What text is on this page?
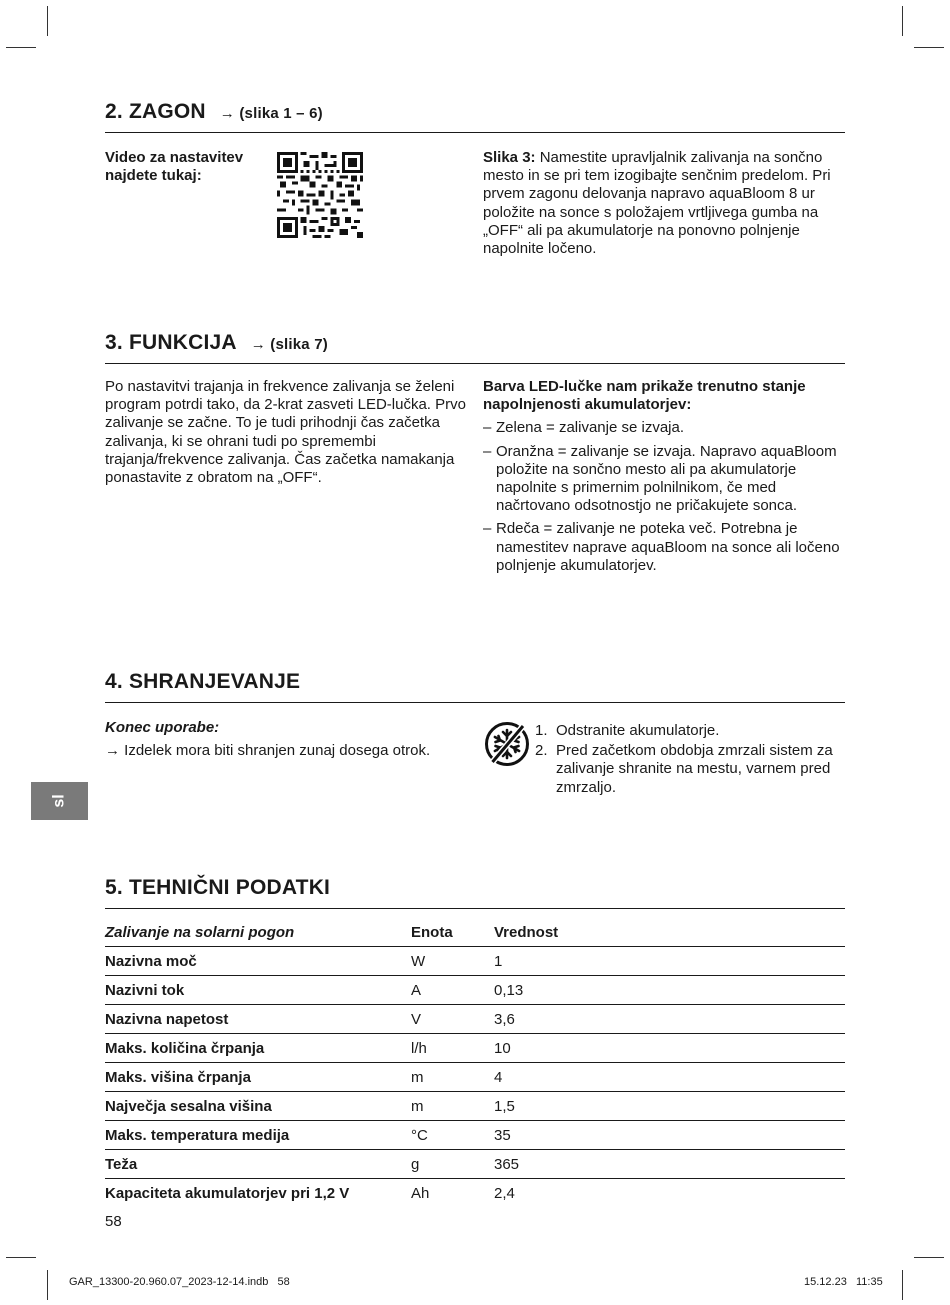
2. ZAGON → (slika 1 – 6)
Video za nastavitev najdete tukaj:
Slika 3: Namestite upravljalnik zalivanja na sončno mesto in se pri tem izogibajte senčnim predelom. Pri prvem zagonu delovanja napravo aquaBloom 8 ur položite na sonce s položajem vrtljivega gumba na „OFF“ ali pa akumulatorje na ponovno polnjenje napolnite ločeno.
3. FUNKCIJA → (slika 7)
Po nastavitvi trajanja in frekvence zalivanja se želeni program potrdi tako, da 2-krat zasveti LED-lučka. Prvo zalivanje se začne. To je tudi prihodnji čas začetka zalivanja, ki se ohrani tudi po spremembi trajanja/frekvence zalivanja. Čas začetka namakanja ponastavite z obratom na „OFF“.
Barva LED-lučke nam prikaže trenutno stanje napolnjenosti akumulatorjev:
– Zelena = zalivanje se izvaja.
– Oranžna = zalivanje se izvaja. Napravo aquaBloom položite na sončno mesto ali pa akumulatorje napolnite s primernim polnilnikom, če med načrtovano odsotnostjo ne pričakujete sonca.
– Rdeča = zalivanje ne poteka več. Potrebna je namestitev naprave aquaBloom na sonce ali ločeno polnjenje akumulatorjev.
4. SHRANJEVANJE
Konec uporabe:
→ Izdelek mora biti shranjen zunaj dosega otrok.
1. Odstranite akumulatorje.
2. Pred začetkom obdobja zmrzali sistem za zalivanje shranite na mestu, varnem pred zmrzaljo.
sl
5. TEHNIČNI PODATKI
Zalivanje na solarni pogon	Enota	Vrednost
Nazivna moč	W	1
Nazivni tok	A	0,13
Nazivna napetost	V	3,6
Maks. količina črpanja	l/h	10
Maks. višina črpanja	m	4
Največja sesalna višina	m	1,5
Maks. temperatura medija	°C	35
Teža	g	365
Kapaciteta akumulatorjev pri 1,2 V	Ah	2,4
58
GAR_13300-20.960.07_2023-12-14.indb   58	15.12.23   11:35
